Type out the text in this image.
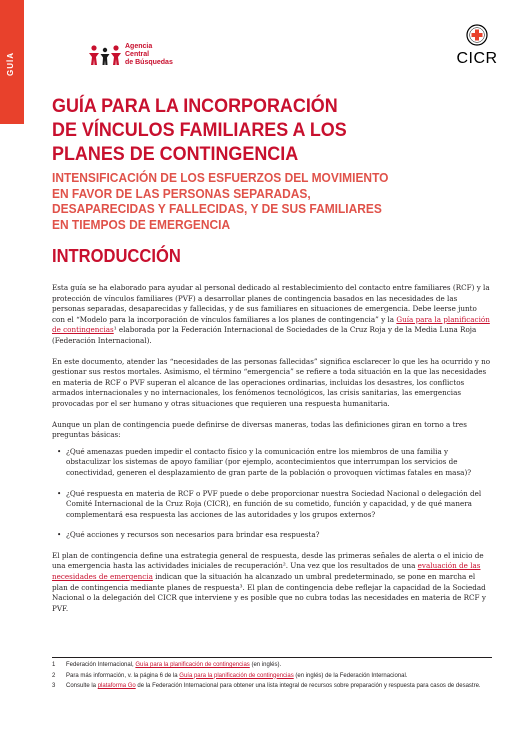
GUÍA
Agencia
Central
de Búsquedas	CICR
GUÍA PARA LA INCORPORACIÓN
DE VÍNCULOS FAMILIARES A LOS
PLANES DE CONTINGENCIA
INTENSIFICACIÓN DE LOS ESFUERZOS DEL MOVIMIENTO
EN FAVOR DE LAS PERSONAS SEPARADAS,
DESAPARECIDAS Y FALLECIDAS, Y DE SUS FAMILIARES
EN TIEMPOS DE EMERGENCIA
INTRODUCCIÓN

Esta guía se ha elaborado para ayudar al personal dedicado al restablecimiento del contacto entre familiares (RCF) y la protección de vínculos familiares (PVF) a desarrollar planes de contingencia basados en las necesidades de las personas separadas, desaparecidas y fallecidas, y de sus familiares en situaciones de emergencia. Debe leerse junto con el “Modelo para la incorporación de vínculos familiares a los planes de contingencia” y la Guía para la planificación de contingencias¹ elaborada por la Federación Internacional de Sociedades de la Cruz Roja y de la Media Luna Roja (Federación Internacional).

En este documento, atender las “necesidades de las personas fallecidas” significa esclarecer lo que les ha ocurrido y no gestionar sus restos mortales. Asimismo, el término “emergencia” se refiere a toda situación en la que las necesidades en materia de RCF o PVF superan el alcance de las operaciones ordinarias, incluidas los desastres, los conflictos armados internacionales y no internacionales, los fenómenos tecnológicos, las crisis sanitarias, las emergencias provocadas por el ser humano y otras situaciones que requieren una respuesta humanitaria.

Aunque un plan de contingencia puede definirse de diversas maneras, todas las definiciones giran en torno a tres preguntas básicas:

• ¿Qué amenazas pueden impedir el contacto físico y la comunicación entre los miembros de una familia y obstaculizar los sistemas de apoyo familiar (por ejemplo, acontecimientos que interrumpan los servicios de conectividad, generen el desplazamiento de gran parte de la población o provoquen víctimas fatales en masa)?
• ¿Qué respuesta en materia de RCF o PVF puede o debe proporcionar nuestra Sociedad Nacional o delegación del Comité Internacional de la Cruz Roja (CICR), en función de su cometido, función y capacidad, y de qué manera complementará esa respuesta las acciones de las autoridades y los grupos externos?
• ¿Qué acciones y recursos son necesarios para brindar esa respuesta?

El plan de contingencia define una estrategia general de respuesta, desde las primeras señales de alerta o el inicio de una emergencia hasta las actividades iniciales de recuperación². Una vez que los resultados de una evaluación de las necesidades de emergencia indican que la situación ha alcanzado un umbral predeterminado, se pone en marcha el plan de contingencia mediante planes de respuesta³. El plan de contingencia debe reflejar la capacidad de la Sociedad Nacional o la delegación del CICR que interviene y es posible que no cubra todas las necesidades en materia de RCF y PVF.

1	Federación Internacional, Guía para la planificación de contingencias (en inglés).
2	Para más información, v. la página 6 de la Guía para la planificación de contingencias (en inglés) de la Federación Internacional.
3	Consulte la plataforma Go de la Federación Internacional para obtener una lista integral de recursos sobre preparación y respuesta para casos de desastre.
